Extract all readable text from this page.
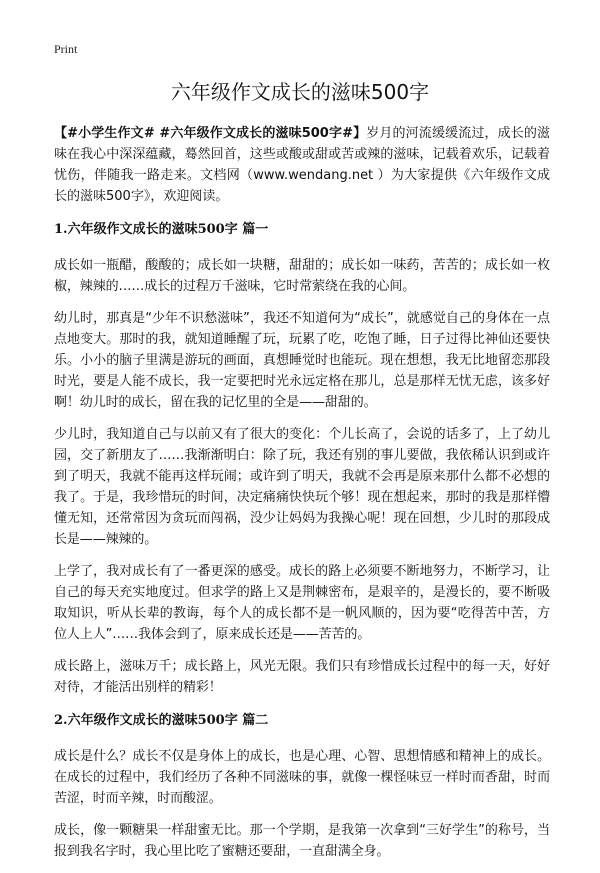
Print
六年级作文成长的滋味500字

【#小学生作文# #六年级作文成长的滋味500字#】岁月的河流缓缓流过，成长的滋味在我心中深深蕴藏，蓦然回首，这些或酸或甜或苦或辣的滋味，记载着欢乐，记载着忧伤，伴随我一路走来。文档网（www.wendang.net ）为大家提供《六年级作文成长的滋味500字》，欢迎阅读。

1.六年级作文成长的滋味500字 篇一

成长如一瓶醋，酸酸的；成长如一块糖，甜甜的；成长如一味药，苦苦的；成长如一枚椒，辣辣的……成长的过程万千滋味，它时常萦绕在我的心间。

幼儿时，那真是“少年不识愁滋味”，我还不知道何为“成长”，就感觉自己的身体在一点点地变大。那时的我，就知道睡醒了玩，玩累了吃，吃饱了睡，日子过得比神仙还要快乐。小小的脑子里满是游玩的画面，真想睡觉时也能玩。现在想想，我无比地留恋那段时光，要是人能不成长，我一定要把时光永远定格在那儿，总是那样无忧无虑，该多好啊！幼儿时的成长，留在我的记忆里的全是——甜甜的。

少儿时，我知道自己与以前又有了很大的变化：个儿长高了，会说的话多了，上了幼儿园，交了新朋友了……我渐渐明白：除了玩，我还有别的事儿要做，我依稀认识到或许到了明天，我就不能再这样玩闹；或许到了明天，我就不会再是原来那什么都不必想的我了。于是，我珍惜玩的时间，决定痛痛快快玩个够！现在想起来，那时的我是那样懵懂无知，还常常因为贪玩而闯祸，没少让妈妈为我操心呢！现在回想，少儿时的那段成长是——辣辣的。

上学了，我对成长有了一番更深的感受。成长的路上必须要不断地努力，不断学习，让自己的每天充实地度过。但求学的路上又是荆棘密布，是艰辛的，是漫长的，要不断吸取知识，听从长辈的教诲，每个人的成长都不是一帆风顺的，因为要“吃得苦中苦，方位人上人”……我体会到了，原来成长还是——苦苦的。

成长路上，滋味万千；成长路上，风光无限。我们只有珍惜成长过程中的每一天，好好对待，才能活出别样的精彩！

2.六年级作文成长的滋味500字 篇二

成长是什么？成长不仅是身体上的成长，也是心理、心智、思想情感和精神上的成长。在成长的过程中，我们经历了各种不同滋味的事，就像一棵怪味豆一样时而香甜，时而苦涩，时而辛辣，时而酸涩。

成长，像一颗糖果一样甜蜜无比。那一个学期，是我第一次拿到“三好学生”的称号，当报到我名字时，我心里比吃了蜜糖还要甜，一直甜满全身。
